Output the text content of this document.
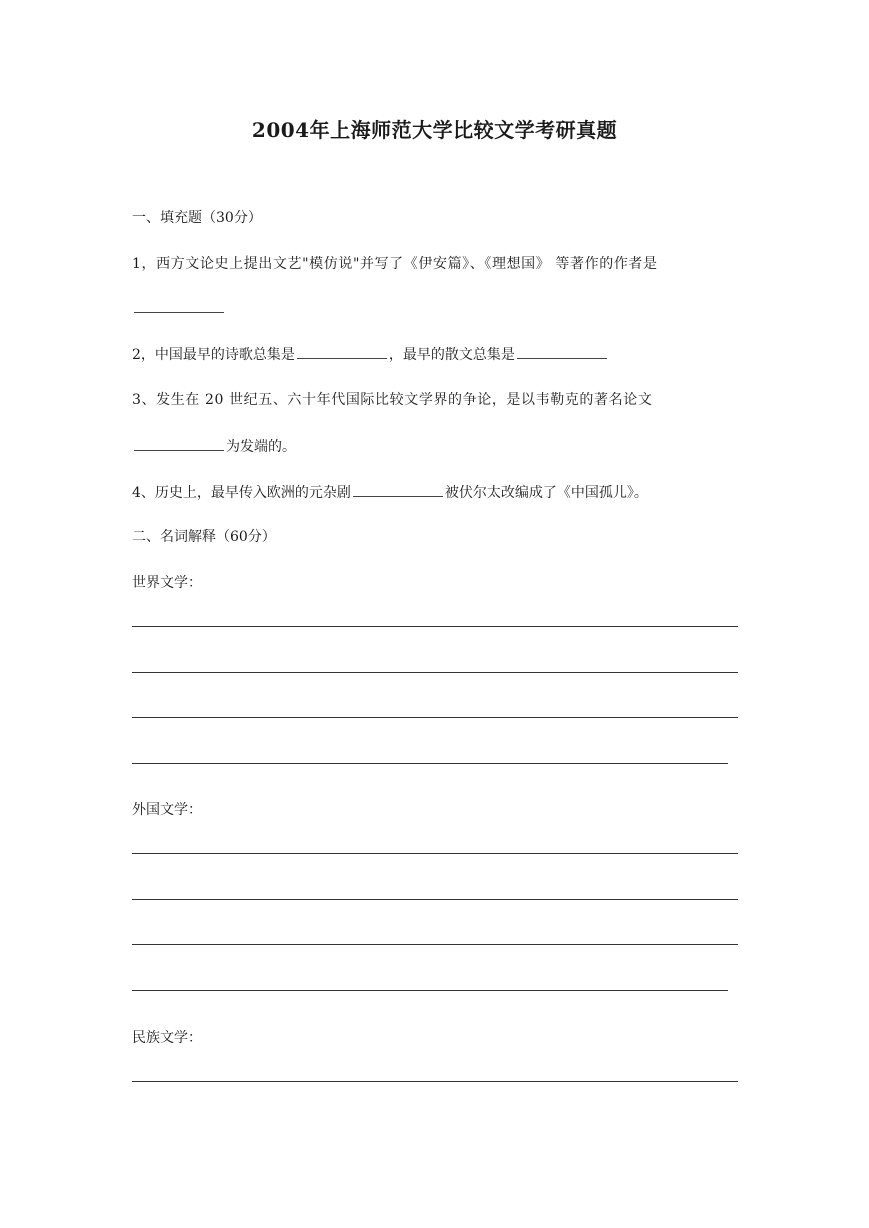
2004年上海师范大学比较文学考研真题
一、填充题（30分）
1，西方文论史上提出文艺"模仿说"并写了《伊安篇》、《理想国》 等著作的作者是
2，中国最早的诗歌总集是	，最早的散文总集是
3、发生在 20 世纪五、六十年代国际比较文学界的争论，是以韦勒克的著名论文
为发端的。
4、历史上，最早传入欧洲的元杂剧	被伏尔太改编成了《中国孤儿》。
二、名词解释（60分）
世界文学：
外国文学：
民族文学：
